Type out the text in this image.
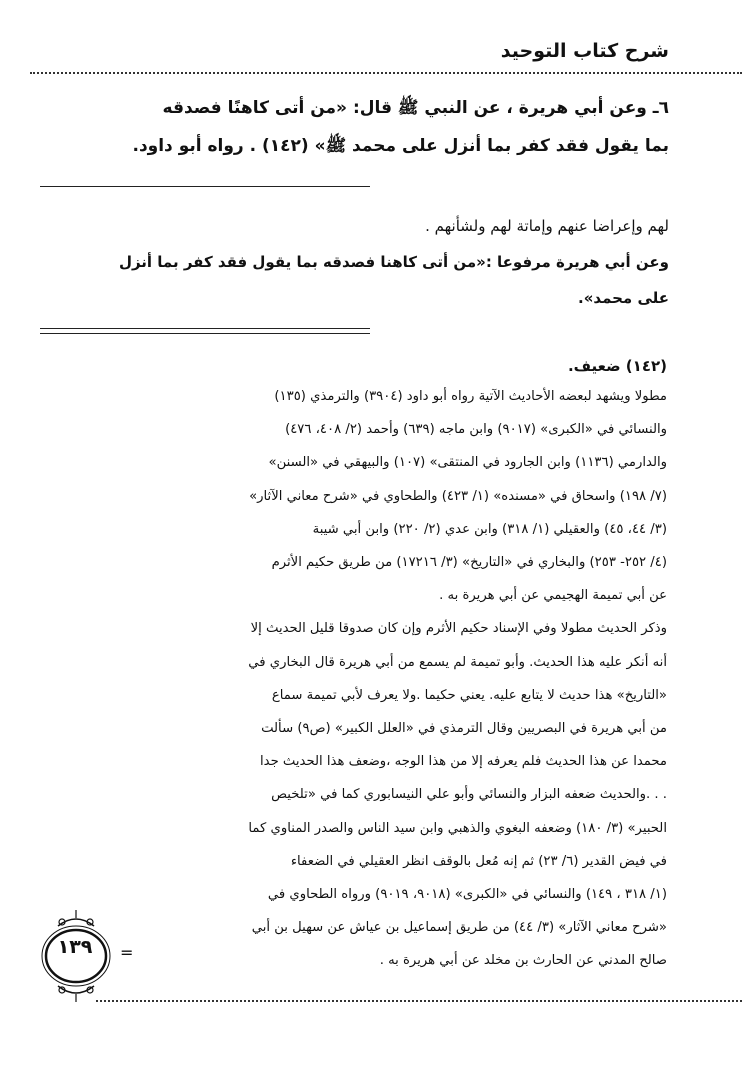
شرح كتاب التوحيد
٦ـ وعن أبي هريرة ، عن النبي ﷺ قال: «من أتى كاهنًا فصدقه
بما يقول فقد كفر بما أنزل على محمد ﷺ» (١٤٢) . رواه أبو داود.
لهم وإعراضا عنهم وإماتة لهم ولشأنهم .
وعن أبي هريرة مرفوعا :«من أتى كاهنا فصدقه بما يقول فقد كفر بما أنزل
على محمد».
(١٤٢) ضعيف.
مطولا ويشهد لبعضه الأحاديث الآتية رواه أبو داود (٣٩٠٤) والترمذي (١٣٥)
والنسائي في «الكبرى» (٩٠١٧) وابن ماجه (٦٣٩) وأحمد (٢/ ٤٠٨، ٤٧٦)
والدارمي (١١٣٦) وابن الجارود في المنتقى» (١٠٧) والبيهقي في «السنن»
(٧/ ١٩٨) واسحاق في «مسنده» (١/ ٤٢٣) والطحاوي في «شرح معاني الآثار»
(٣/ ٤٤، ٤٥) والعقيلي (١/ ٣١٨) وابن عدي (٢/ ٢٢٠) وابن أبي شيبة
(٤/ ٢٥٢- ٢٥٣) والبخاري في «التاريخ» (٣/ ١٧٢١٦) من طريق حكيم الأثرم
عن أبي تميمة الهجيمي عن أبي هريرة به .
وذكر الحديث مطولا وفي الإسناد حكيم الأثرم وإن كان صدوقا قليل الحديث إلا
أنه أنكر عليه هذا الحديث. وأبو تميمة لم يسمع من أبي هريرة قال البخاري في
«التاريخ» هذا حديث لا يتابع عليه. يعني حكيما .ولا يعرف لأبي تميمة سماع
من أبي هريرة في البصريين وقال الترمذي في «العلل الكبير» (ص٩) سألت
محمدا عن هذا الحديث فلم يعرفه إلا من هذا الوجه ،وضعف هذا الحديث جدا
. . .والحديث ضعفه البزار والنسائي وأبو علي النيسابوري كما في «تلخيص
الحبير» (٣/ ١٨٠) وضعفه البغوي والذهبي وابن سيد الناس والصدر المناوي كما
في فيض القدير (٦/ ٢٣) ثم إنه مُعل بالوقف انظر العقيلي في الضعفاء
(١/ ٣١٨ ، ١٤٩) والنسائي في «الكبرى» (٩٠١٨، ٩٠١٩) ورواه الطحاوي في
«شرح معاني الآثار» (٣/ ٤٤) من طريق إسماعيل بن عياش عن سهيل بن أبي
صالح المدني عن الحارث بن مخلد عن أبي هريرة به .
١٣٩	=
